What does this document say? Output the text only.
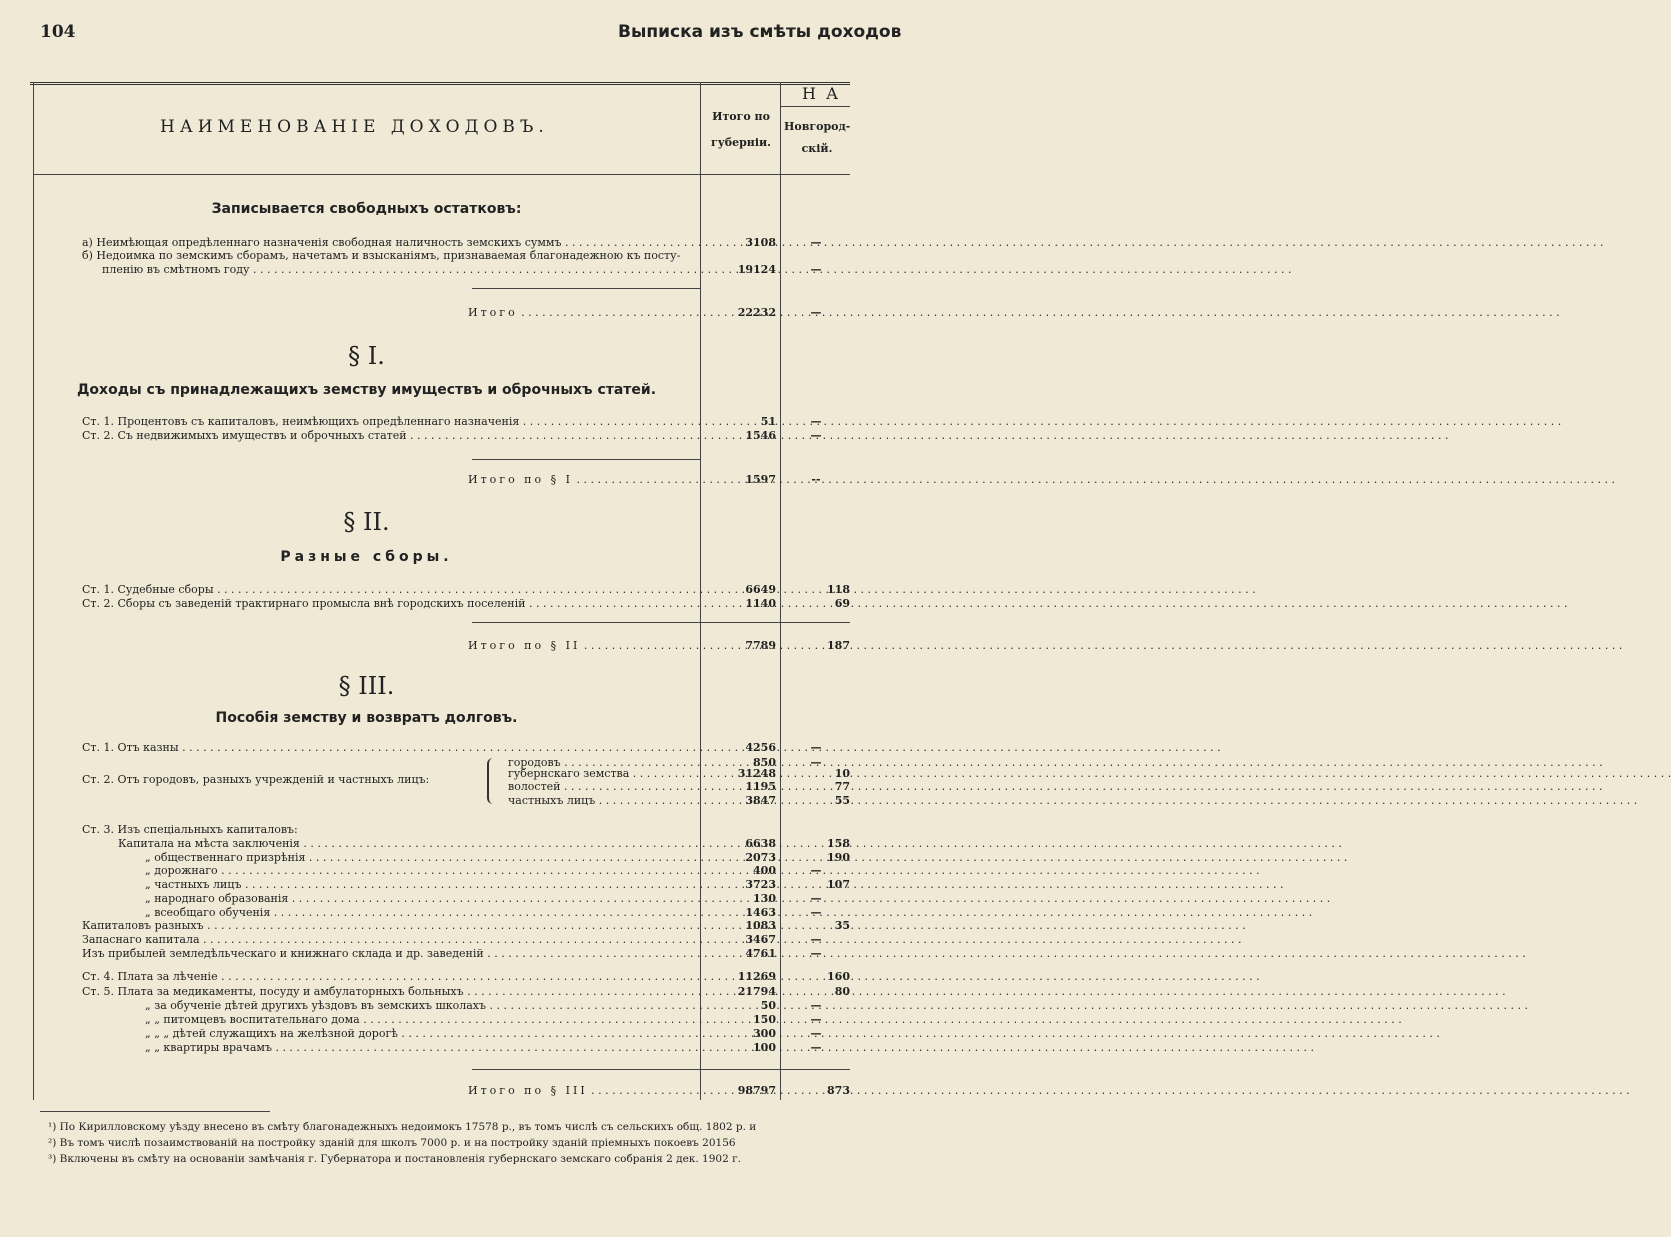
104	Выписка изъ смѣты доходов
НАИМЕНОВАНІЕ ДОХОДОВЪ.
Итого по губерніи.
НА
Новгород-скій.
Записывается свободныхъ остатковъ:
а) Неимѣющая опредѣленнаго назначенія свободная наличность земскихъ суммъ . . .	3108	—
б) Недоимка по земскимъ сборамъ, начетамъ и взысканіямъ, признаваемая благонадежною къ посту-
пленію въ смѣтномъ году . . .	19124	—
Итого . . .	22232	—
§ I.
Доходы съ принадлежащихъ земству имуществъ и оброчныхъ статей.
Ст. 1. Процентовъ съ капиталовъ, неимѣющихъ опредѣленнаго назначенія . . .	51	—
Ст. 2. Съ недвижимыхъ имуществъ и оброчныхъ статей . . .	1546	—
Итого по § I . . .	1597	--
§ II.
Разные сборы.
Ст. 1. Судебные сборы . . .	6649	118
Ст. 2. Сборы съ заведеній трактирнаго промысла внѣ городскихъ поселеній . . .	1140	69
Итого по § II . . .	7789	187
§ III.
Пособія земству и возвратъ долговъ.
Ст. 1. Отъ казны . . .	4256	—
Ст. 2. Отъ городовъ, разныхъ учрежденій и частныхъ лицъ:
городовъ . . .	850	—
губернскаго земства . . .	31248	10
волостей . . .	1195	77
частныхъ лицъ . . .	3847	55
Ст. 3. Изъ спеціальныхъ капиталовъ:
Капитала на мѣста заключенія . . .	6638	158
„ общественнаго призрѣнія . . .	2073	190
„ дорожнаго . . .	400	—
„ частныхъ лицъ . . .	3723	107
„ народнаго образованія . . .	130	—
„ всеобщаго обученія . . .	1463	—
Капиталовъ разныхъ . . .	1083	35
Запаснаго капитала . . .	3467	—
Изъ прибылей земледѣльческаго и книжнаго склада и др. заведеній . . .	4761	—
Ст. 4. Плата за лѣченіе . . .	11269	160
Ст. 5. Плата за медикаменты, посуду и амбулаторныхъ больныхъ . . .	21794	80
„ за обученіе дѣтей другихъ уѣздовъ въ земскихъ школахъ . . .	50	—
„ „ питомцевъ воспитательнаго дома . . .	150	—
„ „ „ дѣтей служащихъ на желѣзной дорогѣ . . .	300	—
„ „ квартиры врачамъ . . .	100	—
Итого по § III . . .	98797	873
¹) По Кирилловскому уѣзду внесено въ смѣту благонадежныхъ недоимокъ 17578 р., въ томъ числѣ съ сельскихъ общ. 1802 р. и
²) Въ томъ числѣ позаимствованій на постройку зданій для школъ 7000 р. и на постройку зданій пріемныхъ покоевъ 20156
³) Включены въ смѣту на основаніи замѣчанія г. Губернатора и постановленія губернскаго земскаго собранія 2 дек. 1902 г.
